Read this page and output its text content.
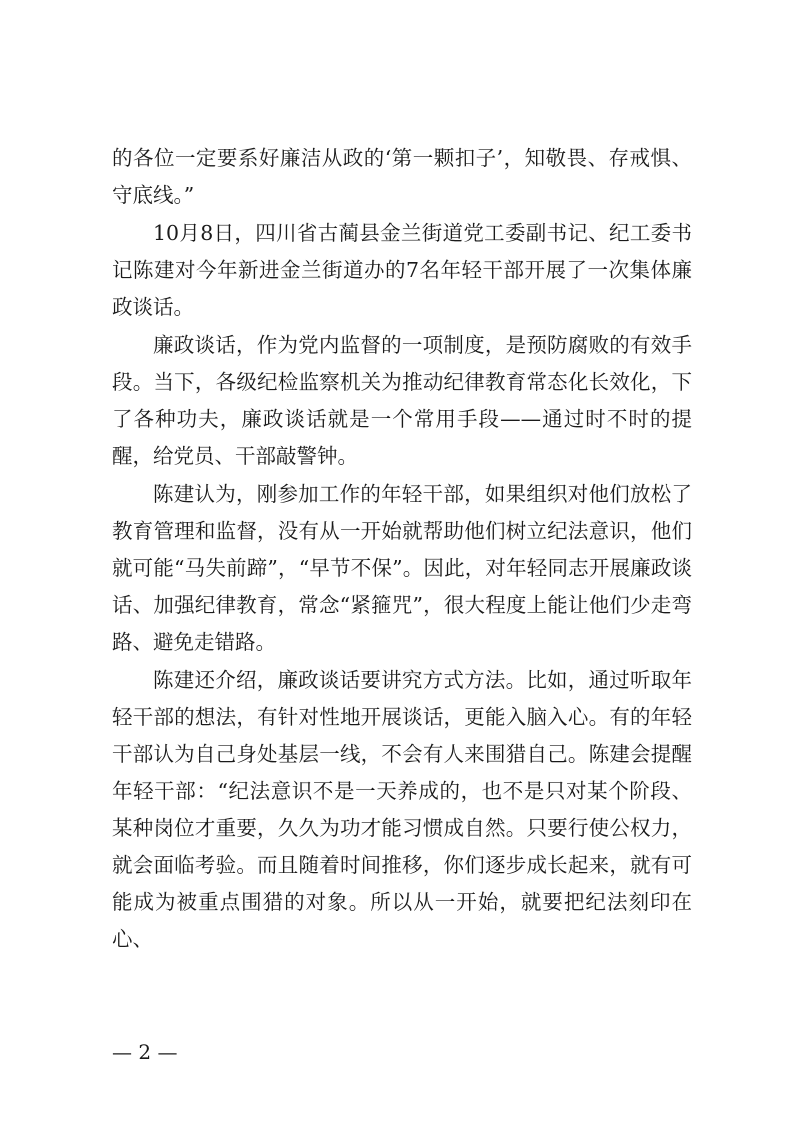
的各位一定要系好廉洁从政的‘第一颗扣子’，知敬畏、存戒惧、守底线。”

10月8日，四川省古蔺县金兰街道党工委副书记、纪工委书记陈建对今年新进金兰街道办的7名年轻干部开展了一次集体廉政谈话。

廉政谈话，作为党内监督的一项制度，是预防腐败的有效手段。当下，各级纪检监察机关为推动纪律教育常态化长效化，下了各种功夫，廉政谈话就是一个常用手段——通过时不时的提醒，给党员、干部敲警钟。

陈建认为，刚参加工作的年轻干部，如果组织对他们放松了教育管理和监督，没有从一开始就帮助他们树立纪法意识，他们就可能“马失前蹄”，“早节不保”。因此，对年轻同志开展廉政谈话、加强纪律教育，常念“紧箍咒”，很大程度上能让他们少走弯路、避免走错路。

陈建还介绍，廉政谈话要讲究方式方法。比如，通过听取年轻干部的想法，有针对性地开展谈话，更能入脑入心。有的年轻干部认为自己身处基层一线，不会有人来围猎自己。陈建会提醒年轻干部：“纪法意识不是一天养成的，也不是只对某个阶段、某种岗位才重要，久久为功才能习惯成自然。只要行使公权力，就会面临考验。而且随着时间推移，你们逐步成长起来，就有可能成为被重点围猎的对象。所以从一开始，就要把纪法刻印在心、

— 2 —
